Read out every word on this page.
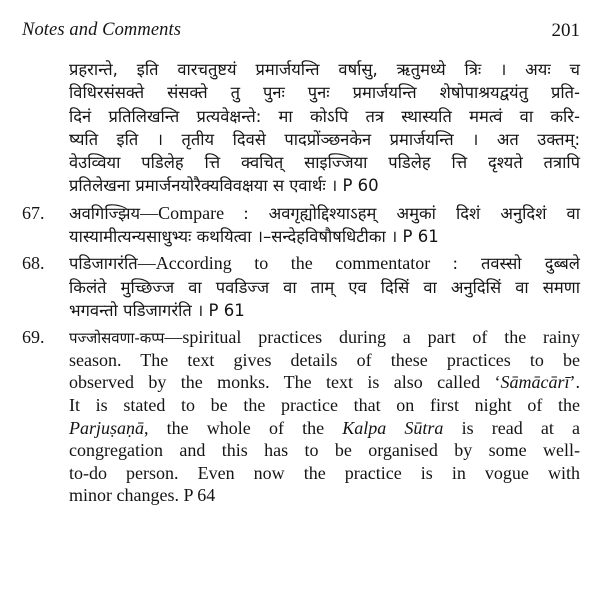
Notes and Comments	201
प्रहरान्ते, इति वारचतुष्टयं प्रमार्जयन्ति वर्षासु, ऋतुमध्ये त्रिः । अयः च
विधिरसंसक्ते संसक्ते तु पुनः पुनः प्रमार्जयन्ति शेषोपाश्रयद्वयंतु प्रति-
दिनं प्रतिलिखन्ति प्रत्यवेक्षन्ते: मा कोऽपि तत्र स्थास्यति ममत्वं वा करि-
ष्यति इति । तृतीय दिवसे पादप्रोंञ्छनकेन प्रमार्जयन्ति । अत उक्तम्:
वेउव्विया पडिलेह त्ति क्वचित् साइज्जिया पडिलेह त्ति दृश्यते तत्रापि
प्रतिलेखना प्रमार्जनयोरैक्यविवक्षया स एवार्थः । P 60
67.	अवगिज्झिय—Compare : अवगृह्योद्दिश्याऽहम् अमुकां दिशं अनुदिशं वा
यास्यामीत्यन्यसाधुभ्यः कथयित्वा ।–सन्देहविषौषधिटीका । P 61
68.	पडिजागरंति—According to the commentator : तवस्सो दुब्बले
किलंते मुच्छिज्ज वा पवडिज्ज वा ताम् एव दिसिं वा अनुदिसिं वा समणा
भगवन्तो पडिजागरंति । P 61
69.	पज्जोसवणा-कप्प—spiritual practices during a part of the rainy
season. The text gives details of these practices to be
observed by the monks. The text is also called ‘Sāmācārī’.
It is stated to be the practice that on first night of the
Parjuṣaṇā, the whole of the Kalpa Sūtra is read at a
congregation and this has to be organised by some well-
to-do person. Even now the practice is in vogue with
minor changes. P 64
